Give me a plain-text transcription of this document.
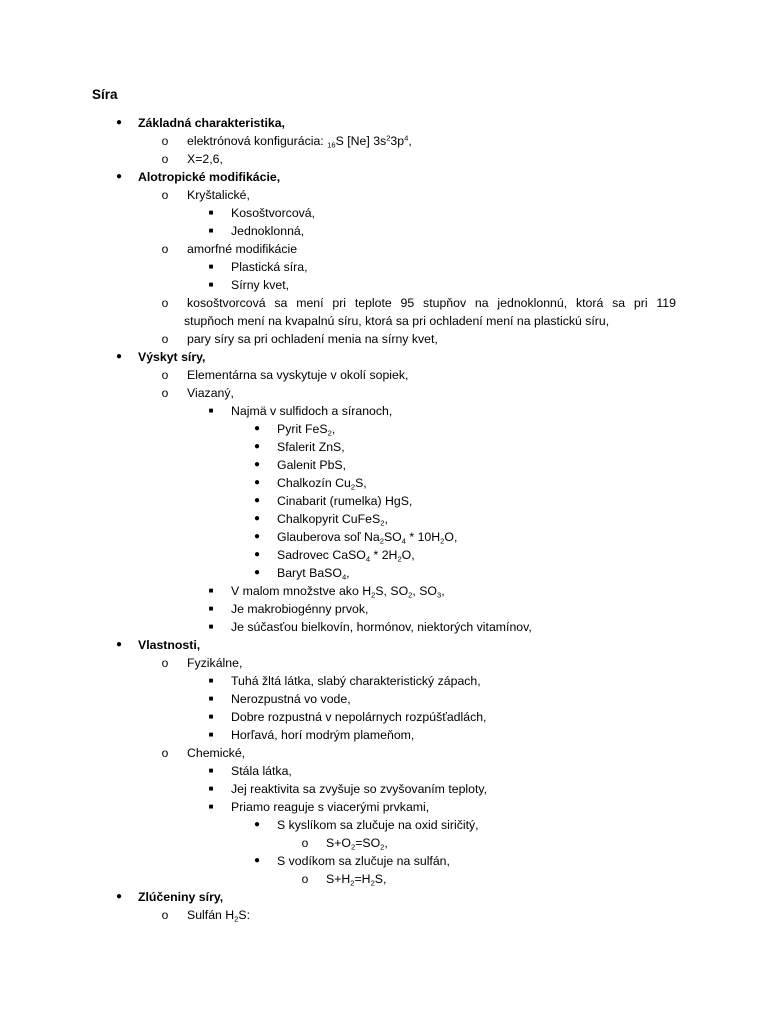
Síra
●	Základná charakteristika,
o elektrónová konfigurácia: $_{16}$S [Ne] $3s^23p^4$,
o X=2,6,
●	Alotropické modifikácie,
o Kryštalické,
■	Kosoštvorcová,
■	Jednoklonná,
o amorfné modifikácie
■	Plastická síra,
■	Sírny kvet,
o kosoštvorcová sa mení pri teplote 95 stupňov na jednoklonnú, ktorá sa pri 119
stupňoch mení na kvapalnú síru, ktorá sa pri ochladení mení na plastickú síru,
o pary síry sa pri ochladení menia na sírny kvet,
●	Výskyt síry,
o Elementárna sa vyskytuje v okolí sopiek,
o Viazaný,
■	Najmä v sulfidoch a síranoch,
●	Pyrit FeS$_2$,
●	Sfalerit ZnS,
●	Galenit PbS,
●	Chalkozín $Cu_2S$,
●	Cinabarit (rumelka) HgS,
●	Chalkopyrit CuFeS$_2$,
●	Glauberova soľ $Na_2SO_4 * 10H_2O$,
●	Sadrovec CaSO$_4$ * $2H_2O$,
●	Baryt BaSO$_4$,
■	V malom množstve ako $H_2S$, $SO_2$, $SO_3$,
■	Je makrobiogénny prvok,
■	Je súčasťou bielkovín, hormónov, niektorých vitamínov,
●	Vlastnosti,
o Fyzikálne,
■	Tuhá žltá látka, slabý charakteristický zápach,
■	Nerozpustná vo vode,
■	Dobre rozpustná v nepolárnych rozpúšťadlách,
■	Horľavá, horí modrým plameňom,
o Chemické,
■	Stála látka,
■	Jej reaktivita sa zvyšuje so zvyšovaním teploty,
■	Priamo reaguje s viacerými prvkami,
●	S kyslíkom sa zlučuje na oxid siričitý,
o $S+O_2=SO_2$,
●	S vodíkom sa zlučuje na sulfán,
o $S+H_2=H_2S$,
●	Zlúčeniny síry,
o Sulfán $H_2S$:
